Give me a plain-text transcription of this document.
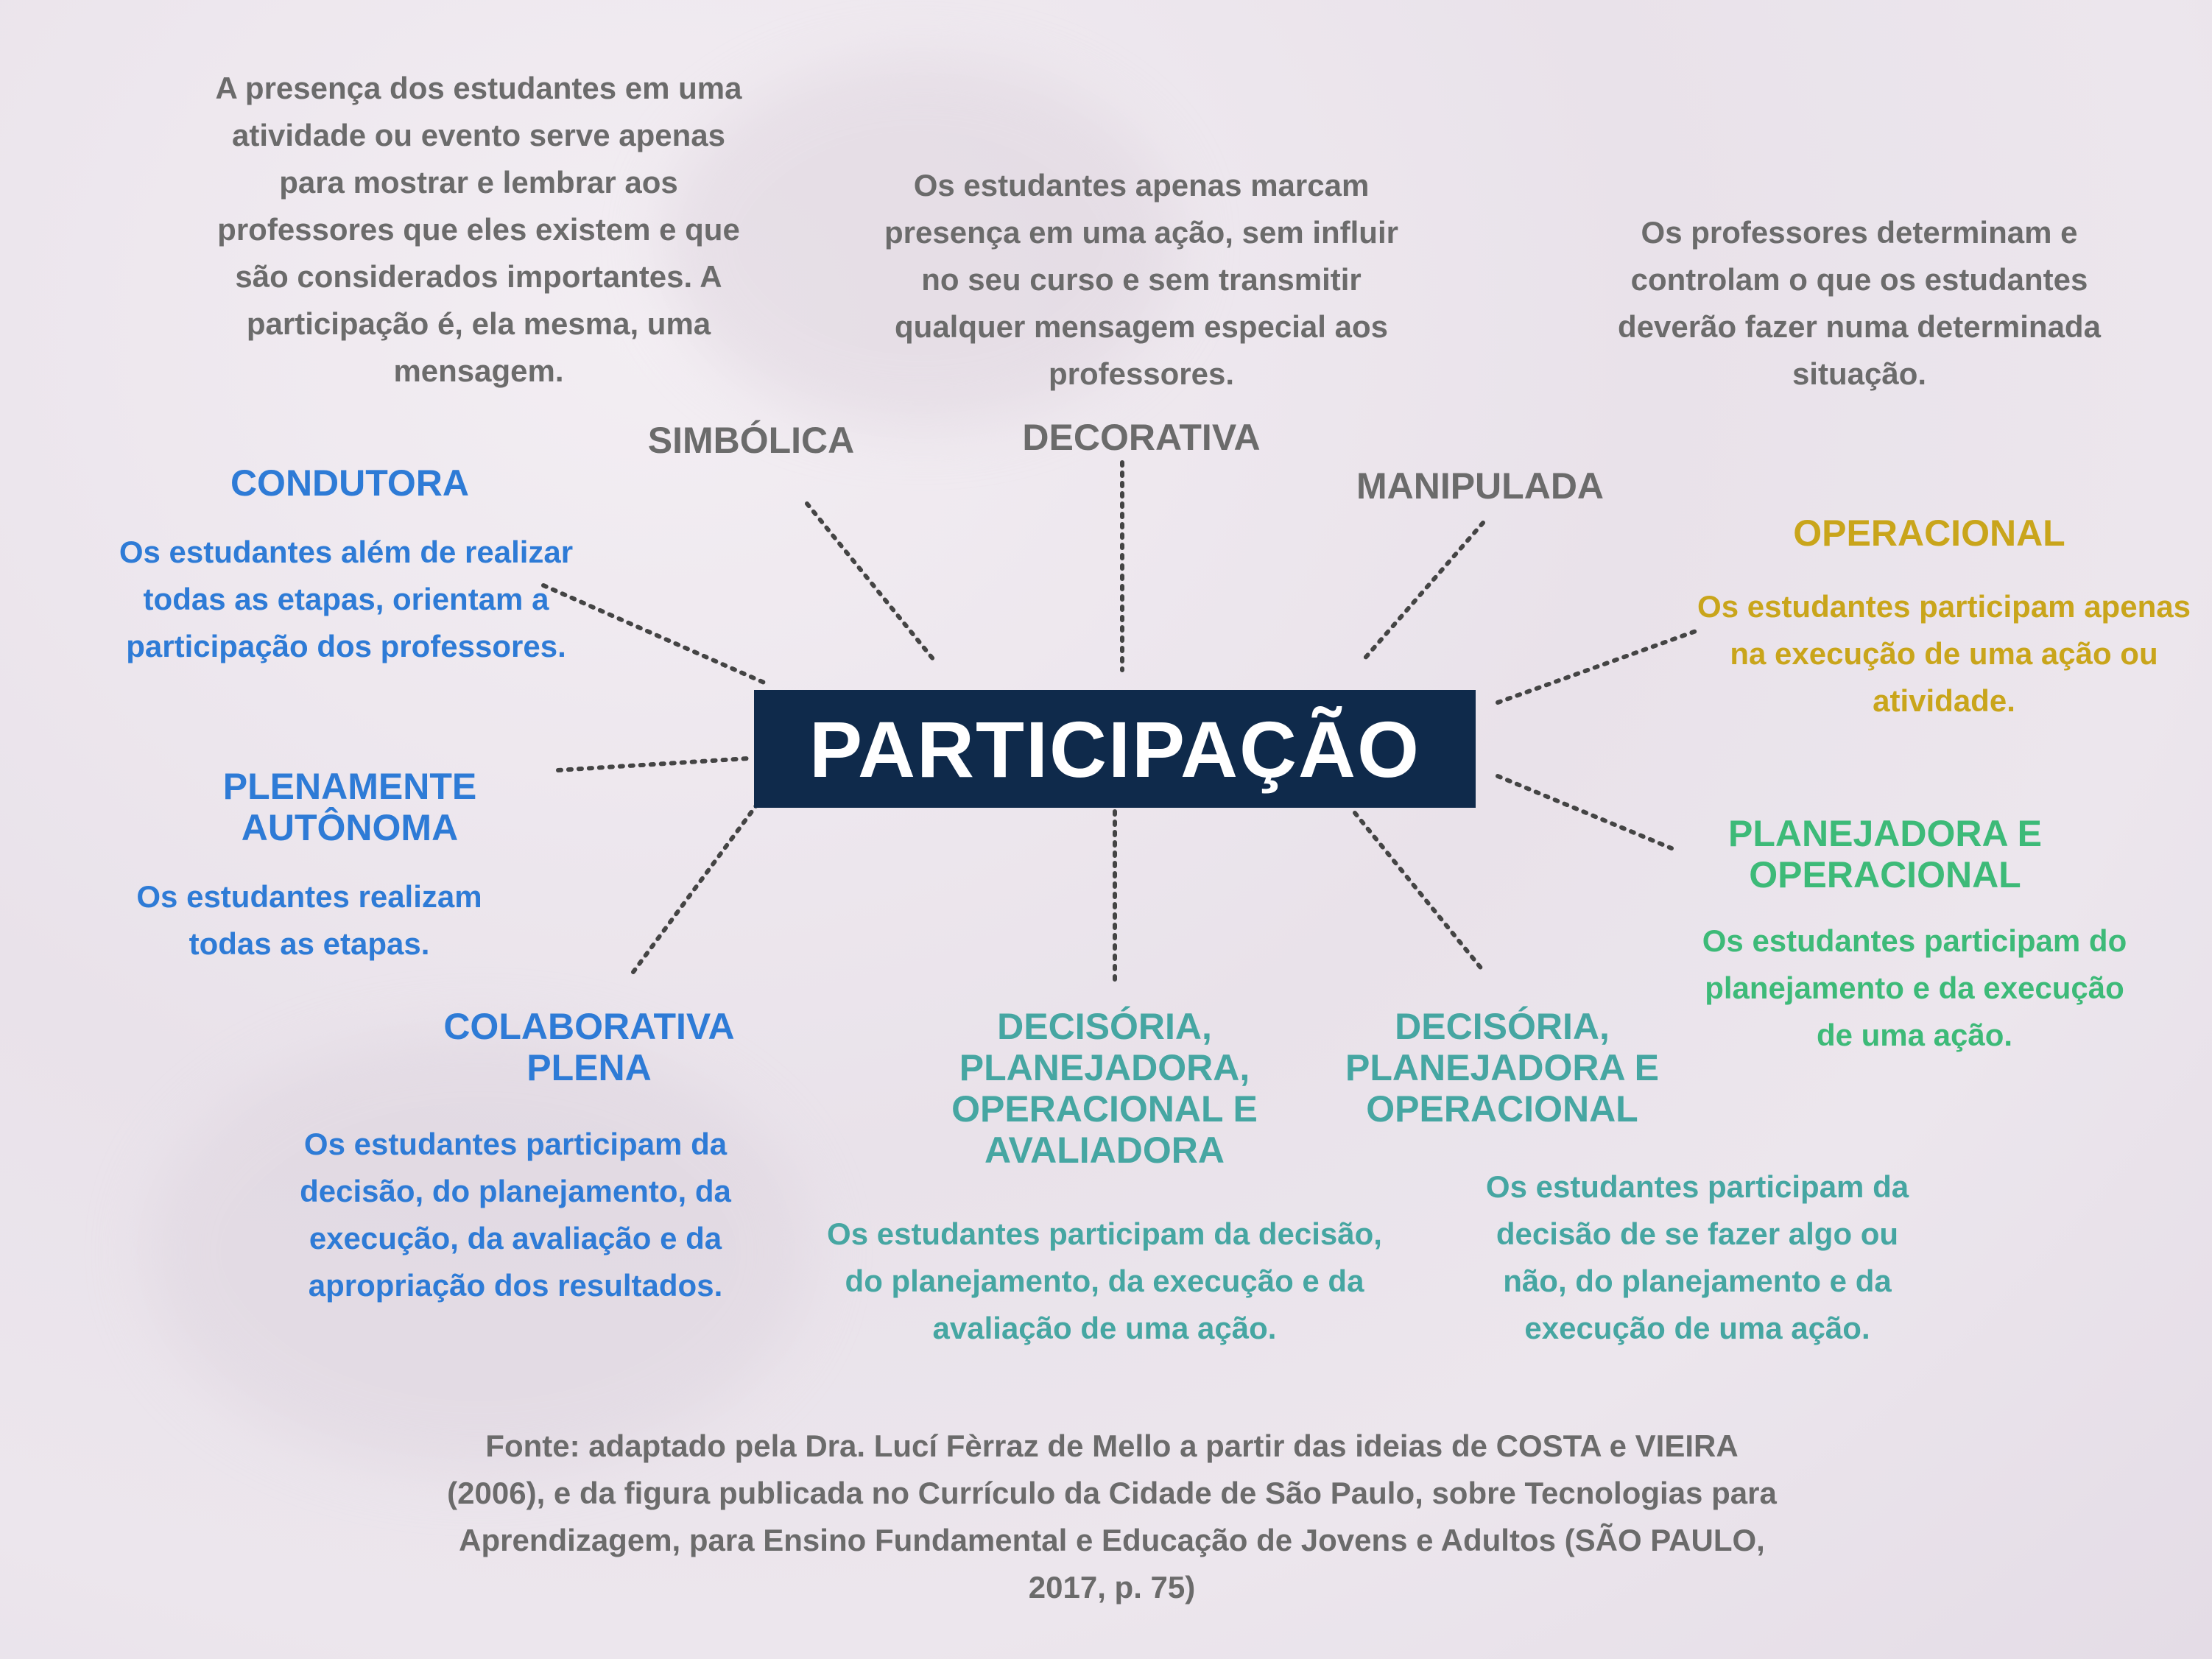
PARTICIPAÇÃO
A presença dos estudantes em uma atividade ou evento serve apenas para mostrar e lembrar aos professores que eles existem e que são considerados importantes. A participação é, ela mesma, uma mensagem.
SIMBÓLICA
Os estudantes apenas marcam presença em uma ação, sem influir no seu curso e sem transmitir qualquer mensagem especial aos professores.
DECORATIVA
Os professores determinam e controlam o que os estudantes deverão fazer numa determinada situação.
MANIPULADA
CONDUTORA
Os estudantes além de realizar todas as etapas, orientam a participação dos professores.
PLENAMENTE AUTÔNOMA
Os estudantes realizam todas as etapas.
COLABORATIVA PLENA
Os estudantes participam da decisão, do planejamento, da execução, da avaliação e da apropriação dos resultados.
DECISÓRIA, PLANEJADORA, OPERACIONAL E AVALIADORA
Os estudantes participam da decisão, do planejamento, da execução e da avaliação de uma ação.
DECISÓRIA, PLANEJADORA E OPERACIONAL
Os estudantes participam da decisão de se fazer algo ou não, do planejamento e da execução de uma ação.
OPERACIONAL
Os estudantes participam apenas na execução de uma ação ou atividade.
PLANEJADORA E OPERACIONAL
Os estudantes participam do planejamento e da execução de uma ação.
Fonte: adaptado pela Dra. Lucí Fèrraz de Mello a partir das ideias de COSTA e VIEIRA (2006), e da figura publicada no Currículo da Cidade de São Paulo, sobre Tecnologias para Aprendizagem, para Ensino Fundamental e Educação de Jovens e Adultos (SÃO PAULO, 2017, p. 75)
